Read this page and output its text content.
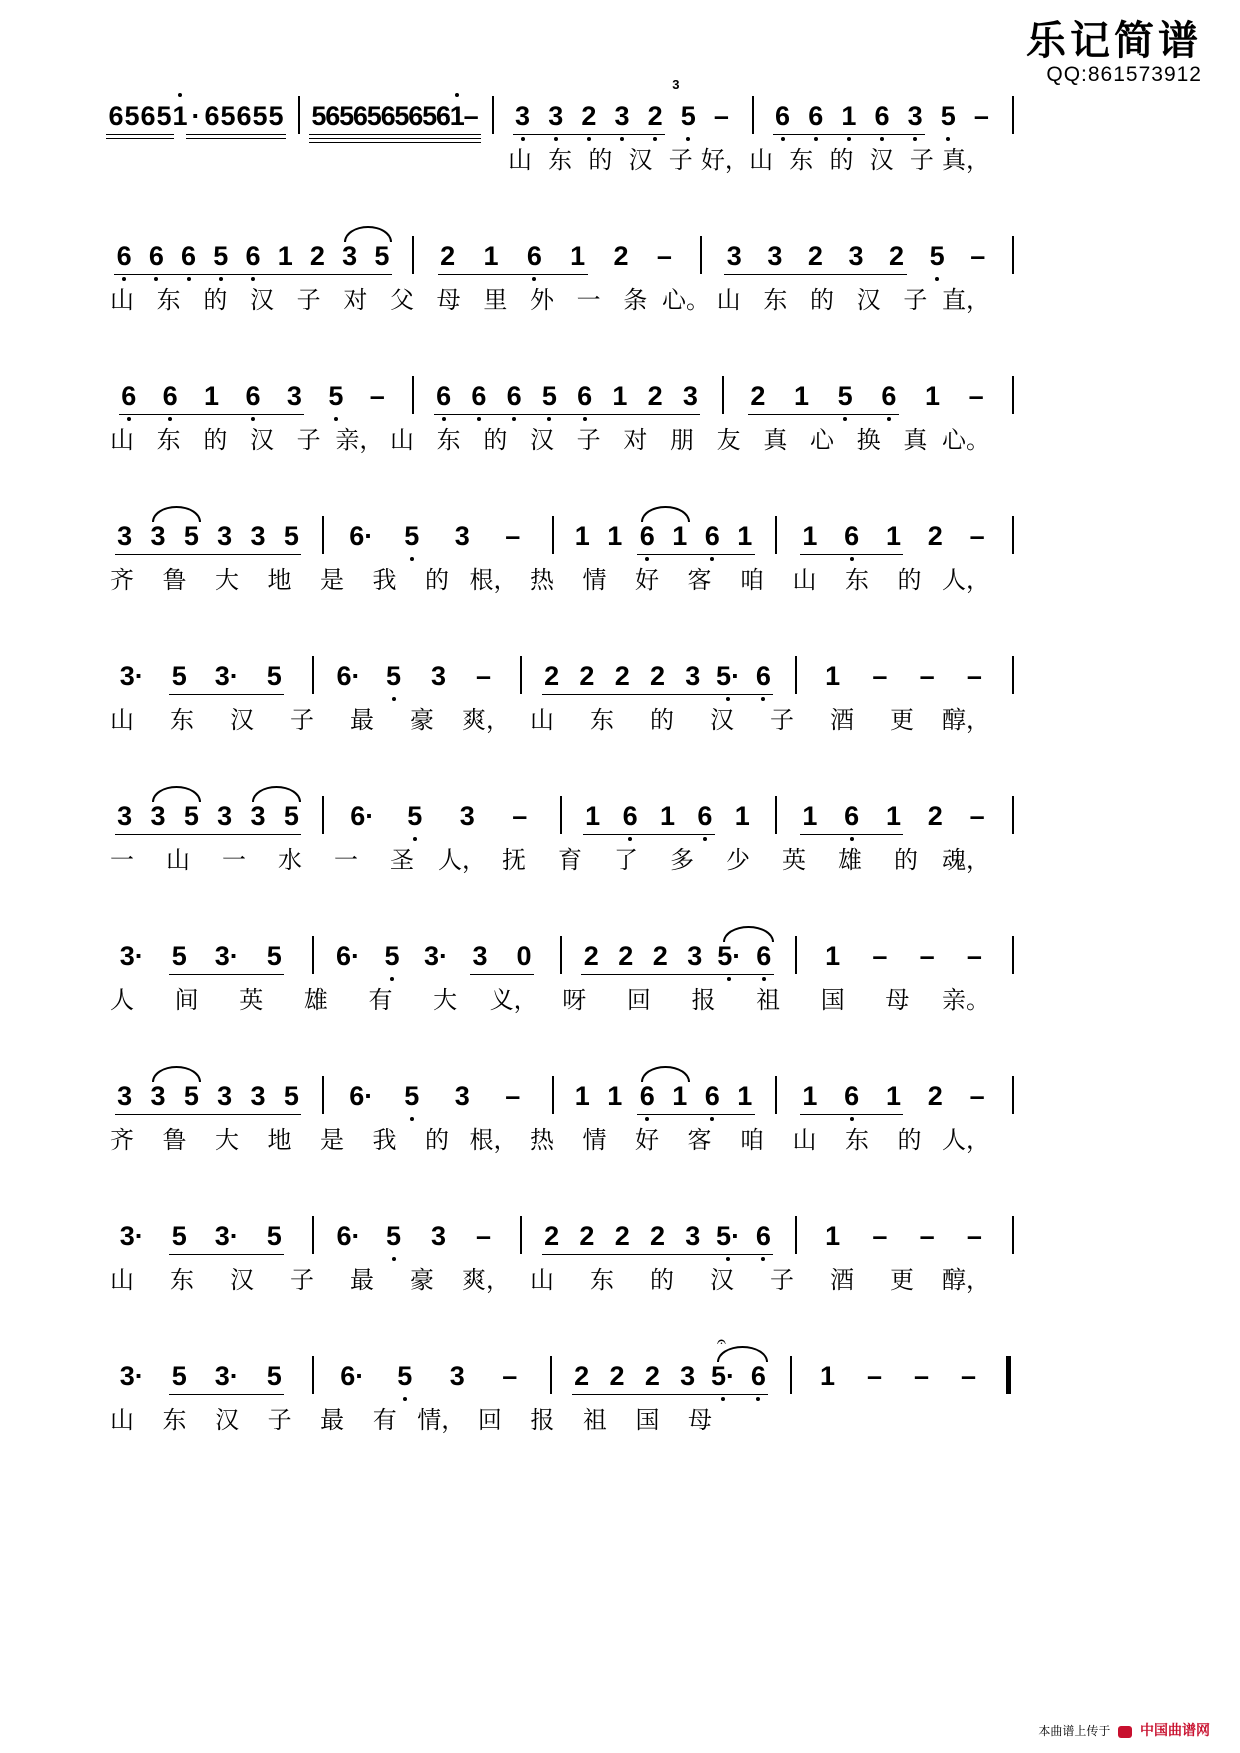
乐记简谱
QQ:861573912
6 5 6 5 1 · 6 5 6 5 5 5
6
5
6
5
6
5
6
5
6
1
–	3 3 2 3 2 5 –	6 6 1 6 3 5 –
3
山 东 的 汉 子 好， 山 东 的 汉 子 真，
6 6 6 5 6 1 2 3 5	2	1	6	1	2	–	3 3 2 3 2 5 –
山 东 的 汉 子 对 父 母 里 外 一 条 心。 山 东 的 汉 子 直，
6 6 1 6 3 5 –	6 6 6 5 6 1 2 3	2	1	5	6	1	–
山 东 的 汉 子 亲， 山 东 的 汉 子 对 朋 友 真 心 换 真 心。
3 3 5 3 3 5	6·	5	3	–	1 1 6 1 6 1	1 6 1 2 –
齐	鲁	大	地	是	我	的 根， 热	情	好	客	咱	山	东	的 人，
3·	5	3·	5	6· 5	3	–	2 2 2 2 3 5· 6	1	–	–	–
山	东	汉	子	最	豪	爽， 山	东	的	汉	子	酒	更	醇，
3 3 5 3 3 5	6·	5	3	–	1 6 1 6 1	1 6 1 2 –
一	山	一	水	一	圣	人， 抚	育	了	多	少	英	雄	的	魂，
3·	5	3·	5	6· 5 3· 3	0	2 2 2 3 5· 6	1	–	–	–
人	间	英	雄	有	大	义，	呀	回	报	祖	国	母	亲。
3 3 5 3 3 5	6·	5	3	–	1 1 6 1 6 1	1 6 1 2 –
齐	鲁	大	地	是	我	的 根， 热	情	好	客	咱	山	东	的 人，
3·	5	3·	5	6· 5	3	–	2 2 2 2 3 5· 6	1	–	–	–
山	东	汉	子	最	豪	爽， 山	东	的	汉	子	酒	更	醇，
3·	5	3·	5	6·	5	3	–	2 2 2 3 5· 6	1	–	–	–
𝄐
山	东	汉	子	最	有 情， 回	报	祖	国	母
本曲谱上传于 中国曲谱网
